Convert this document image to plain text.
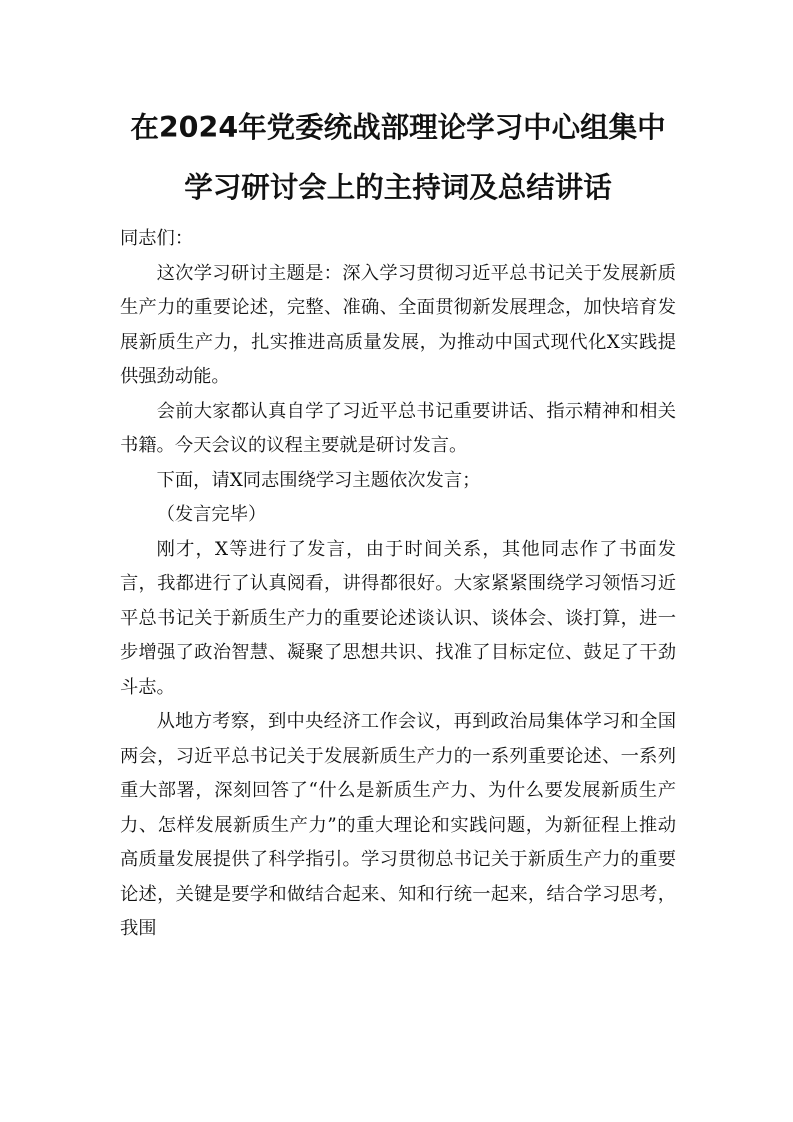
在2024年党委统战部理论学习中心组集中
学习研讨会上的主持词及总结讲话

同志们：

这次学习研讨主题是：深入学习贯彻习近平总书记关于发展新质生产力的重要论述，完整、准确、全面贯彻新发展理念，加快培育发展新质生产力，扎实推进高质量发展，为推动中国式现代化X实践提供强劲动能。

会前大家都认真自学了习近平总书记重要讲话、指示精神和相关书籍。今天会议的议程主要就是研讨发言。

下面，请X同志围绕学习主题依次发言；

（发言完毕）

刚才，X等进行了发言，由于时间关系，其他同志作了书面发言，我都进行了认真阅看，讲得都很好。大家紧紧围绕学习领悟习近平总书记关于新质生产力的重要论述谈认识、谈体会、谈打算，进一步增强了政治智慧、凝聚了思想共识、找准了目标定位、鼓足了干劲斗志。

从地方考察，到中央经济工作会议，再到政治局集体学习和全国两会，习近平总书记关于发展新质生产力的一系列重要论述、一系列重大部署，深刻回答了“什么是新质生产力、为什么要发展新质生产力、怎样发展新质生产力”的重大理论和实践问题，为新征程上推动高质量发展提供了科学指引。学习贯彻总书记关于新质生产力的重要论述，关键是要学和做结合起来、知和行统一起来，结合学习思考，我围
